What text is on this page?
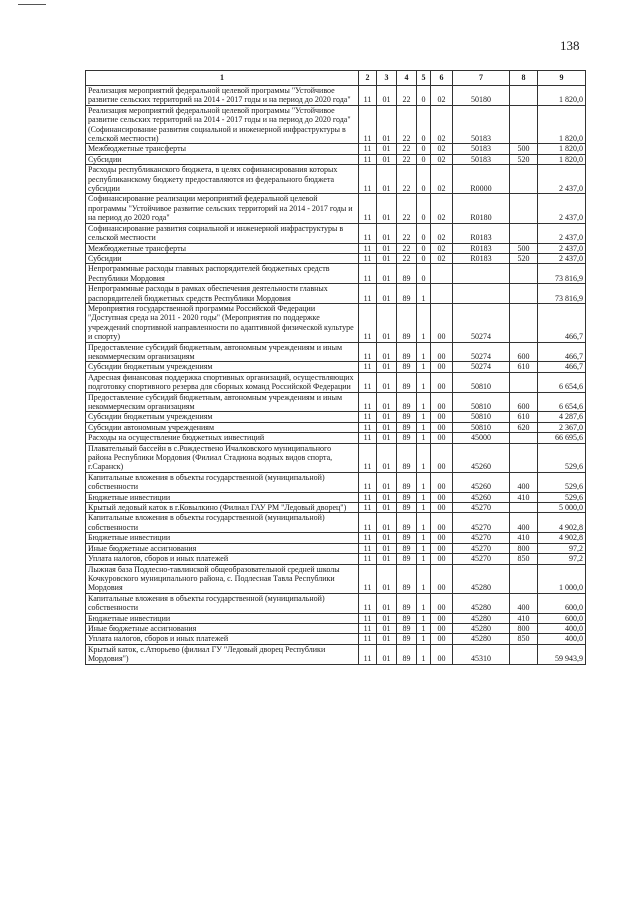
138
1	2	3	4	5	6	7	8	9
Реализация мероприятий федеральной целевой программы "Устойчивое развитие сельских территорий на 2014 - 2017 годы и на период до 2020 года"	11	01	22	0	02	50180		1 820,0
Реализация мероприятий федеральной целевой программы "Устойчивое развитие сельских территорий на 2014 - 2017 годы и на период до 2020 года" (Софинансирование развития социальной и инженерной инфраструктуры в сельской местности)	11	01	22	0	02	50183		1 820,0
Межбюджетные трансферты	11	01	22	0	02	50183	500	1 820,0
Субсидии	11	01	22	0	02	50183	520	1 820,0
Расходы республиканского бюджета, в целях софинансирования которых республиканскому бюджету предоставляются из федерального бюджета субсидии	11	01	22	0	02	R0000		2 437,0
Софинансирование реализации мероприятий федеральной целевой программы "Устойчивое развитие сельских территорий на 2014 - 2017 годы и на период до 2020 года"	11	01	22	0	02	R0180		2 437,0
Софинансирование развития социальной и инженерной инфраструктуры в сельской местности	11	01	22	0	02	R0183		2 437,0
Межбюджетные трансферты	11	01	22	0	02	R0183	500	2 437,0
Субсидии	11	01	22	0	02	R0183	520	2 437,0
Непрограммные расходы главных распорядителей бюджетных средств Республики Мордовия	11	01	89	0				73 816,9
Непрограммные расходы в рамках обеспечения деятельности главных распорядителей бюджетных средств Республики Мордовия	11	01	89	1				73 816,9
Мероприятия государственной программы Российской Федерации "Доступная среда на 2011 - 2020 годы" (Мероприятия по поддержке учреждений спортивной направленности по адаптивной физической культуре и спорту)	11	01	89	1	00	50274		466,7
Предоставление субсидий бюджетным, автономным учреждениям и иным некоммерческим организациям	11	01	89	1	00	50274	600	466,7
Субсидии бюджетным учреждениям	11	01	89	1	00	50274	610	466,7
Адресная финансовая поддержка спортивных организаций, осуществляющих подготовку спортивного резерва для сборных команд Российской Федерации	11	01	89	1	00	50810		6 654,6
Предоставление субсидий бюджетным, автономным учреждениям и иным некоммерческим организациям	11	01	89	1	00	50810	600	6 654,6
Субсидии бюджетным учреждениям	11	01	89	1	00	50810	610	4 287,6
Субсидии автономным учреждениям	11	01	89	1	00	50810	620	2 367,0
Расходы на осуществление бюджетных инвестиций	11	01	89	1	00	45000		66 695,6
Плавательный бассейн в с.Рождествено Ичалковского муниципального района Республики Мордовия (Филиал Стадиона водных видов спорта, г.Саранск)	11	01	89	1	00	45260		529,6
Капитальные вложения в объекты государственной (муниципальной) собственности	11	01	89	1	00	45260	400	529,6
Бюджетные инвестиции	11	01	89	1	00	45260	410	529,6
Крытый ледовый каток в г.Ковылкино (Филиал ГАУ РМ "Ледовый дворец")	11	01	89	1	00	45270		5 000,0
Капитальные вложения в объекты государственной (муниципальной) собственности	11	01	89	1	00	45270	400	4 902,8
Бюджетные инвестиции	11	01	89	1	00	45270	410	4 902,8
Иные бюджетные ассигнования	11	01	89	1	00	45270	800	97,2
Уплата налогов, сборов и иных платежей	11	01	89	1	00	45270	850	97,2
Лыжная база Подлесно-тавлинской общеобразовательной средней школы Кочкуровского муниципального района, с. Подлесная Тавла Республики Мордовия	11	01	89	1	00	45280		1 000,0
Капитальные вложения в объекты государственной (муниципальной) собственности	11	01	89	1	00	45280	400	600,0
Бюджетные инвестиции	11	01	89	1	00	45280	410	600,0
Иные бюджетные ассигнования	11	01	89	1	00	45280	800	400,0
Уплата налогов, сборов и иных платежей	11	01	89	1	00	45280	850	400,0
Крытый каток, с.Атюрьево (филиал ГУ "Ледовый дворец Республики Мордовия")	11	01	89	1	00	45310		59 943,9
